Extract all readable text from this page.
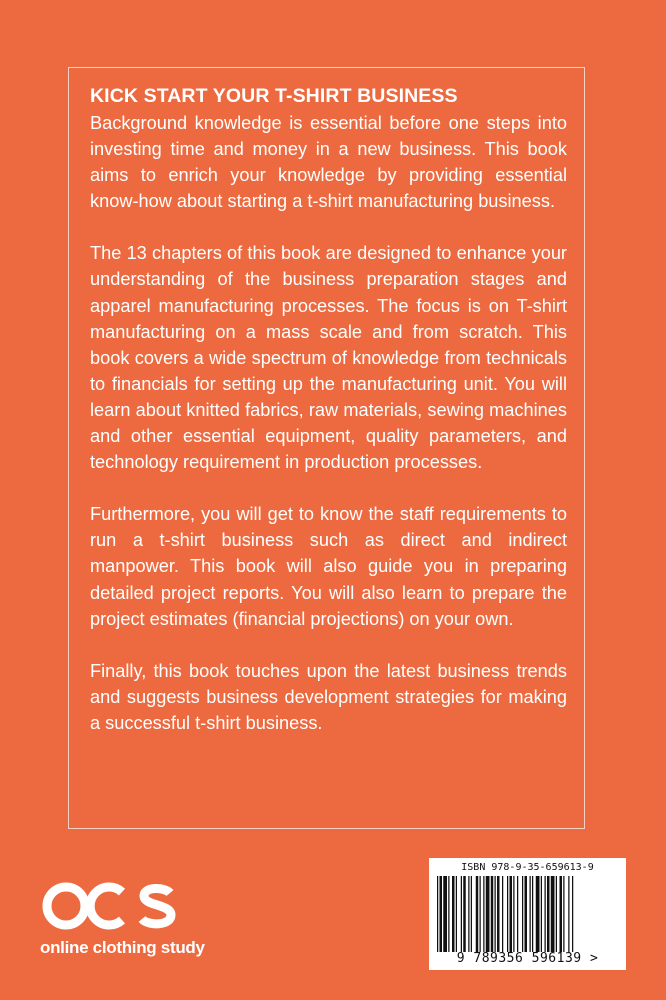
KICK START YOUR T-SHIRT BUSINESS

Background knowledge is essential before one steps into investing time and money in a new business. This book aims to enrich your knowledge by providing essential know-how about starting a t-shirt manufacturing business.

The 13 chapters of this book are designed to enhance your understanding of the business preparation stages and apparel manufacturing processes. The focus is on T-shirt manufacturing on a mass scale and from scratch. This book covers a wide spectrum of knowledge from technicals to financials for setting up the manufacturing unit. You will learn about knitted fabrics, raw materials, sewing machines and other essential equipment, quality parameters, and technology requirement in production processes.

Furthermore, you will get to know the staff requirements to run a t-shirt business such as direct and indirect manpower. This book will also guide you in preparing detailed project reports. You will also learn to prepare the project estimates (financial projections) on your own.

Finally, this book touches upon the latest business trends and suggests business development strategies for making a successful t-shirt business.

online clothing study
ISBN 978-9-35-659613-9
9 789356 596139 >
